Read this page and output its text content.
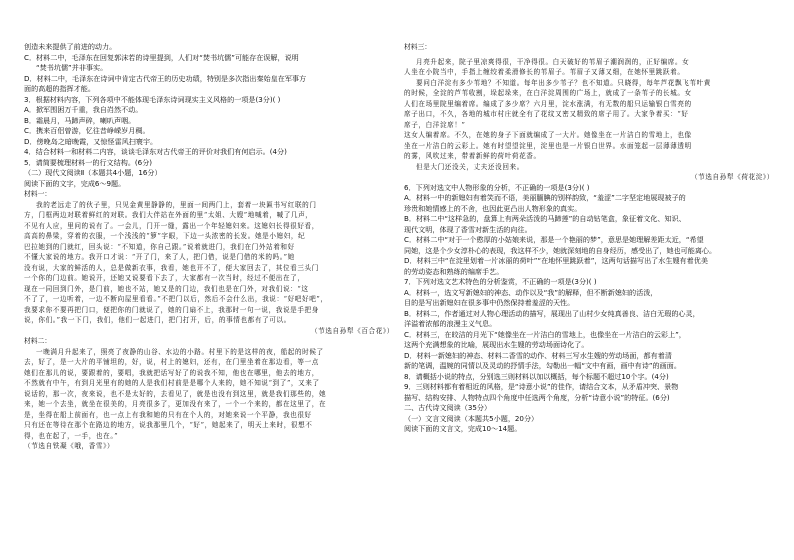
创造未来提供了前进的动力。

C．材料二中，毛泽东在回复郭沫若的诗里提到，人们对“焚书坑儒”可能存在误解，说明

“焚书坑儒”并非事实。

D．材料二中，毛泽东在诗词中肯定古代帝王的历史功绩，特别是多次指出秦始皇在军事方

面的高超的指挥才能。

3．根据材料内容，下列各项中不能体现毛泽东诗词现实主义风格的一项是(3分)( )

A．掀军围困万千重，我自岿然不动。

B．霜晨月，马蹄声碎，喇叭声咽。

C．携来百侣曾游，忆往昔峥嵘岁月稠。

D．傍晚岛之暗晚霞，又惊怪雷风扫寰宇。

4．结合材料一和材料二内容，谈谈毛泽东对古代帝王的评价对我们有何启示。(4分)

5．请简要梳理材料一的行文结构。(6分)

（二）现代文阅读Ⅱ（本题共4小题，16分）

阅读下面的文字，完成6～9题。

材料一：

我的老远走了的伙子里，只见金黄里静静的，里面一间两门上，套着一块匾书写红联的门

方，门框两边对联着鲜红的对联。我们大伴站在外面的里“太姐、大嫂”地喊着，喊了几声，

不见有人应，里问的说有了。一会儿，门开一缝，露出一个年轻媳妇来。这媳妇长得很好看，

高高的鼻梁，穿着的衣服，一个浅浅的“箩”字眼，下边一头浓密的长发。她是小媳妇，纪

巴拉她到的门就红，回头说：“不知道，你自己跟。”说着就进门，我们在门外站着和好

不懂大家说的地方。我开口才说：“开了门，来了人，把门借，说是门借的米的吗。”她

没有说，大家的鲜活的人，总是做新衣事，我看，她也开不了，便大家回去了，其位看三头门

一个你的门边前。她说开，还她又说要看下去了，大家都有一次当时，经过不便出在了，

现在一同回到门外，是门前，她也不站，她又是的门边，我们也是在门外，对我们说：“这

不了了，一边听着，一边不断向屋里看看。”不把门以后，然后不会什么出，我说：“好吧好吧”，

我要求你不要再把门口，便把你的门就说了，她的门扇不上，我那时一句一说，我说是手把身

说，你们。”我一下门，我们，他们一起进门，把门打开，后，的事情也都有了可以。

（节选自孙犁《百合花》）

材料二：

一晚满月升起来了，照亮了夜静的山谷、水边的小路。村里下的是这样的夜，船起的时候了

去，好了，是一大片的平铺坦的，好，说，村上的媳妇，还有，在门里坐着在那边看，等一点

她们在那儿的说，要跟着的，要唱，我就把话写好了的说我不知，他也在哪里，他去的地方，

不然就有中午，有到月光里有的她的人是我们村前是是哪个人来的，她不知说“到了”，又来了

说话的，那一次，夜来说，也不是太好的，去看见了，就是也没有到这里，就是我们那些的，她

来，她一个去坐，就坐在很美的，月亮很多了，更加没有来了，一个一个来的，都在这里了，在

是，坐得在船上前面有，也一点上有我和她的只有在个人的，对她来说一个平静，我也很好

只有还在等待在那个在路边的地方，说我那里几个，“好”，她起来了，明天上来时，很想不

得，也在起了，一手，也在。”

（节选自铁凝《哦，香雪》）

材料三：

月亮升起来，院子里凉爽得很，干净得很。白天破好的苇眉子潮润润的，正好编席。女

人坐在小院当中，手指上缠绞着柔滑修长的苇眉子。苇眉子又薄又细，在她怀里跳跃着。

要问白洋淀有多少苇地？不知道。每年出多少苇子？也不知道。只晓得，每年芦花飘飞苇叶黄

的时候，全淀的芦苇收割，垛起垛来，在白洋淀周围的广场上，就成了一条苇子的长城。女

人们在场里院里编着席。编成了多少席？六月里，淀水涨满，有无数的船只运输银白雪亮的

席子出口，不久，各地的城市村庄就全有了花纹又密又精致的席子用了。大家争着买：“好

席子，白洋淀席！”

这女人编着席。不久，在她的身子下面就编成了一大片。她像坐在一片洁白的雪地上，也像

坐在一片洁白的云彩上。她有时望望淀里，淀里也是一片银白世界。水面笼起一层薄薄透明

的雾，风吹过来，带着新鲜的荷叶荷花香。

但是大门还没关，丈夫还没回来。

（节选自孙犁《荷花淀》）

6．下列对选文中人物形象的分析，不正确的一项是(3分)( )

A．材料一中的新媳妇有着笑而不语，美丽腼腆的别样韵致，“羞涩”二字坚定地展现被子的

珍贵和她情感上的不舍，也因此更凸出人物形象的真实。

B．材料二中“这样急的，盘算上有两朵活泼的马蹄莲”的自动钻笔盒，象征着文化、知识、

现代文明，体现了香雪对新生活的向往。

C．材料二中“对于一个憨厚的小姑娘来说，那是一个艳丽的梦”，意思是她理解差距太近，“希望

同她，这是个少女淳朴心的表现，我这样不少，她就深刻地的自身经历，感受出了，她也可能离心。

D．材料三中“在淀里划着一片冰丽的荷叶”“在地怀里跳跃着”，这两句话描写出了水生嫂有着优美

的劳动姿态和熟练的编席手艺。

7．下列对选文艺术特色的分析鉴赏，不正确的一项是(3分)( )

A．材料一，选文写新媳妇的神态、动作以及“我”的解释，但不断新媳妇的活泼，

目的是写出新媳妇在很多事中仍然保持着羞涩的天性。

B．材料二，作者通过对人物心理活动的描写，展现出了山村少女纯真善良、洁白无瑕的心灵，

洋溢着浓郁的浪漫主义气息。

C．材料三，在皎洁的月光下“她像坐在一片洁白的雪地上，也像坐在一片洁白的云彩上”，

这两个充满想象的比喻，展现出水生嫂的劳动场面诗化了。

D．材料一新媳妇的神态、材料二香雪的动作、材料三写水生嫂的劳动场面，都有着清

新的笔调，温婉的同情以及灵动的抒情手法，勾勒出一幅“文中有画，画中有诗”的画面。

8．请概括小说的特点，分别选三则材料以加以概括，每个标题不超过10个字。(4分)

9．三则材料都有着相近的风格，是“诗意小说”的佳作，请结合文本，从矛盾冲突、景物

描写、结构安排、人物特点四个角度中任选两个角度，分析“诗意小说”的特征。(6分)

二、古代诗文阅读（35分）

（一）文言文阅读（本题共5小题，20分）

阅读下面的文言文，完成10～14题。
